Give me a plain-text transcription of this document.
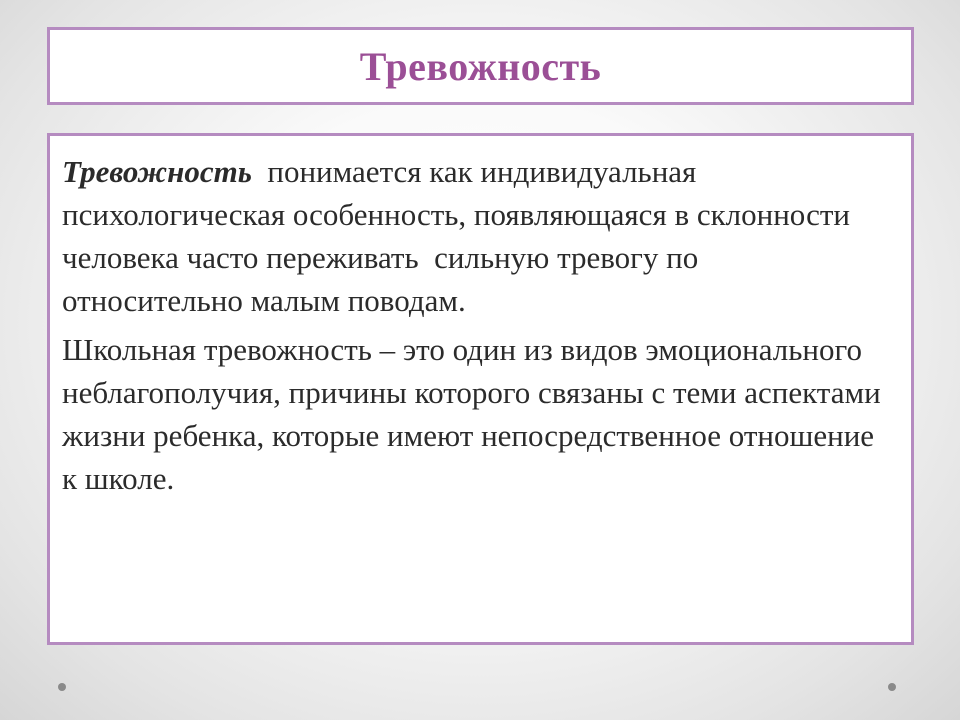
Тревожность

Тревожность  понимается как индивидуальная психологическая особенность, появляющаяся в склонности человека часто переживать  сильную тревогу по относительно малым поводам.

Школьная тревожность – это один из видов эмоционального неблагополучия, причины которого связаны с теми аспектами жизни ребенка, которые имеют непосредственное отношение к школе.
